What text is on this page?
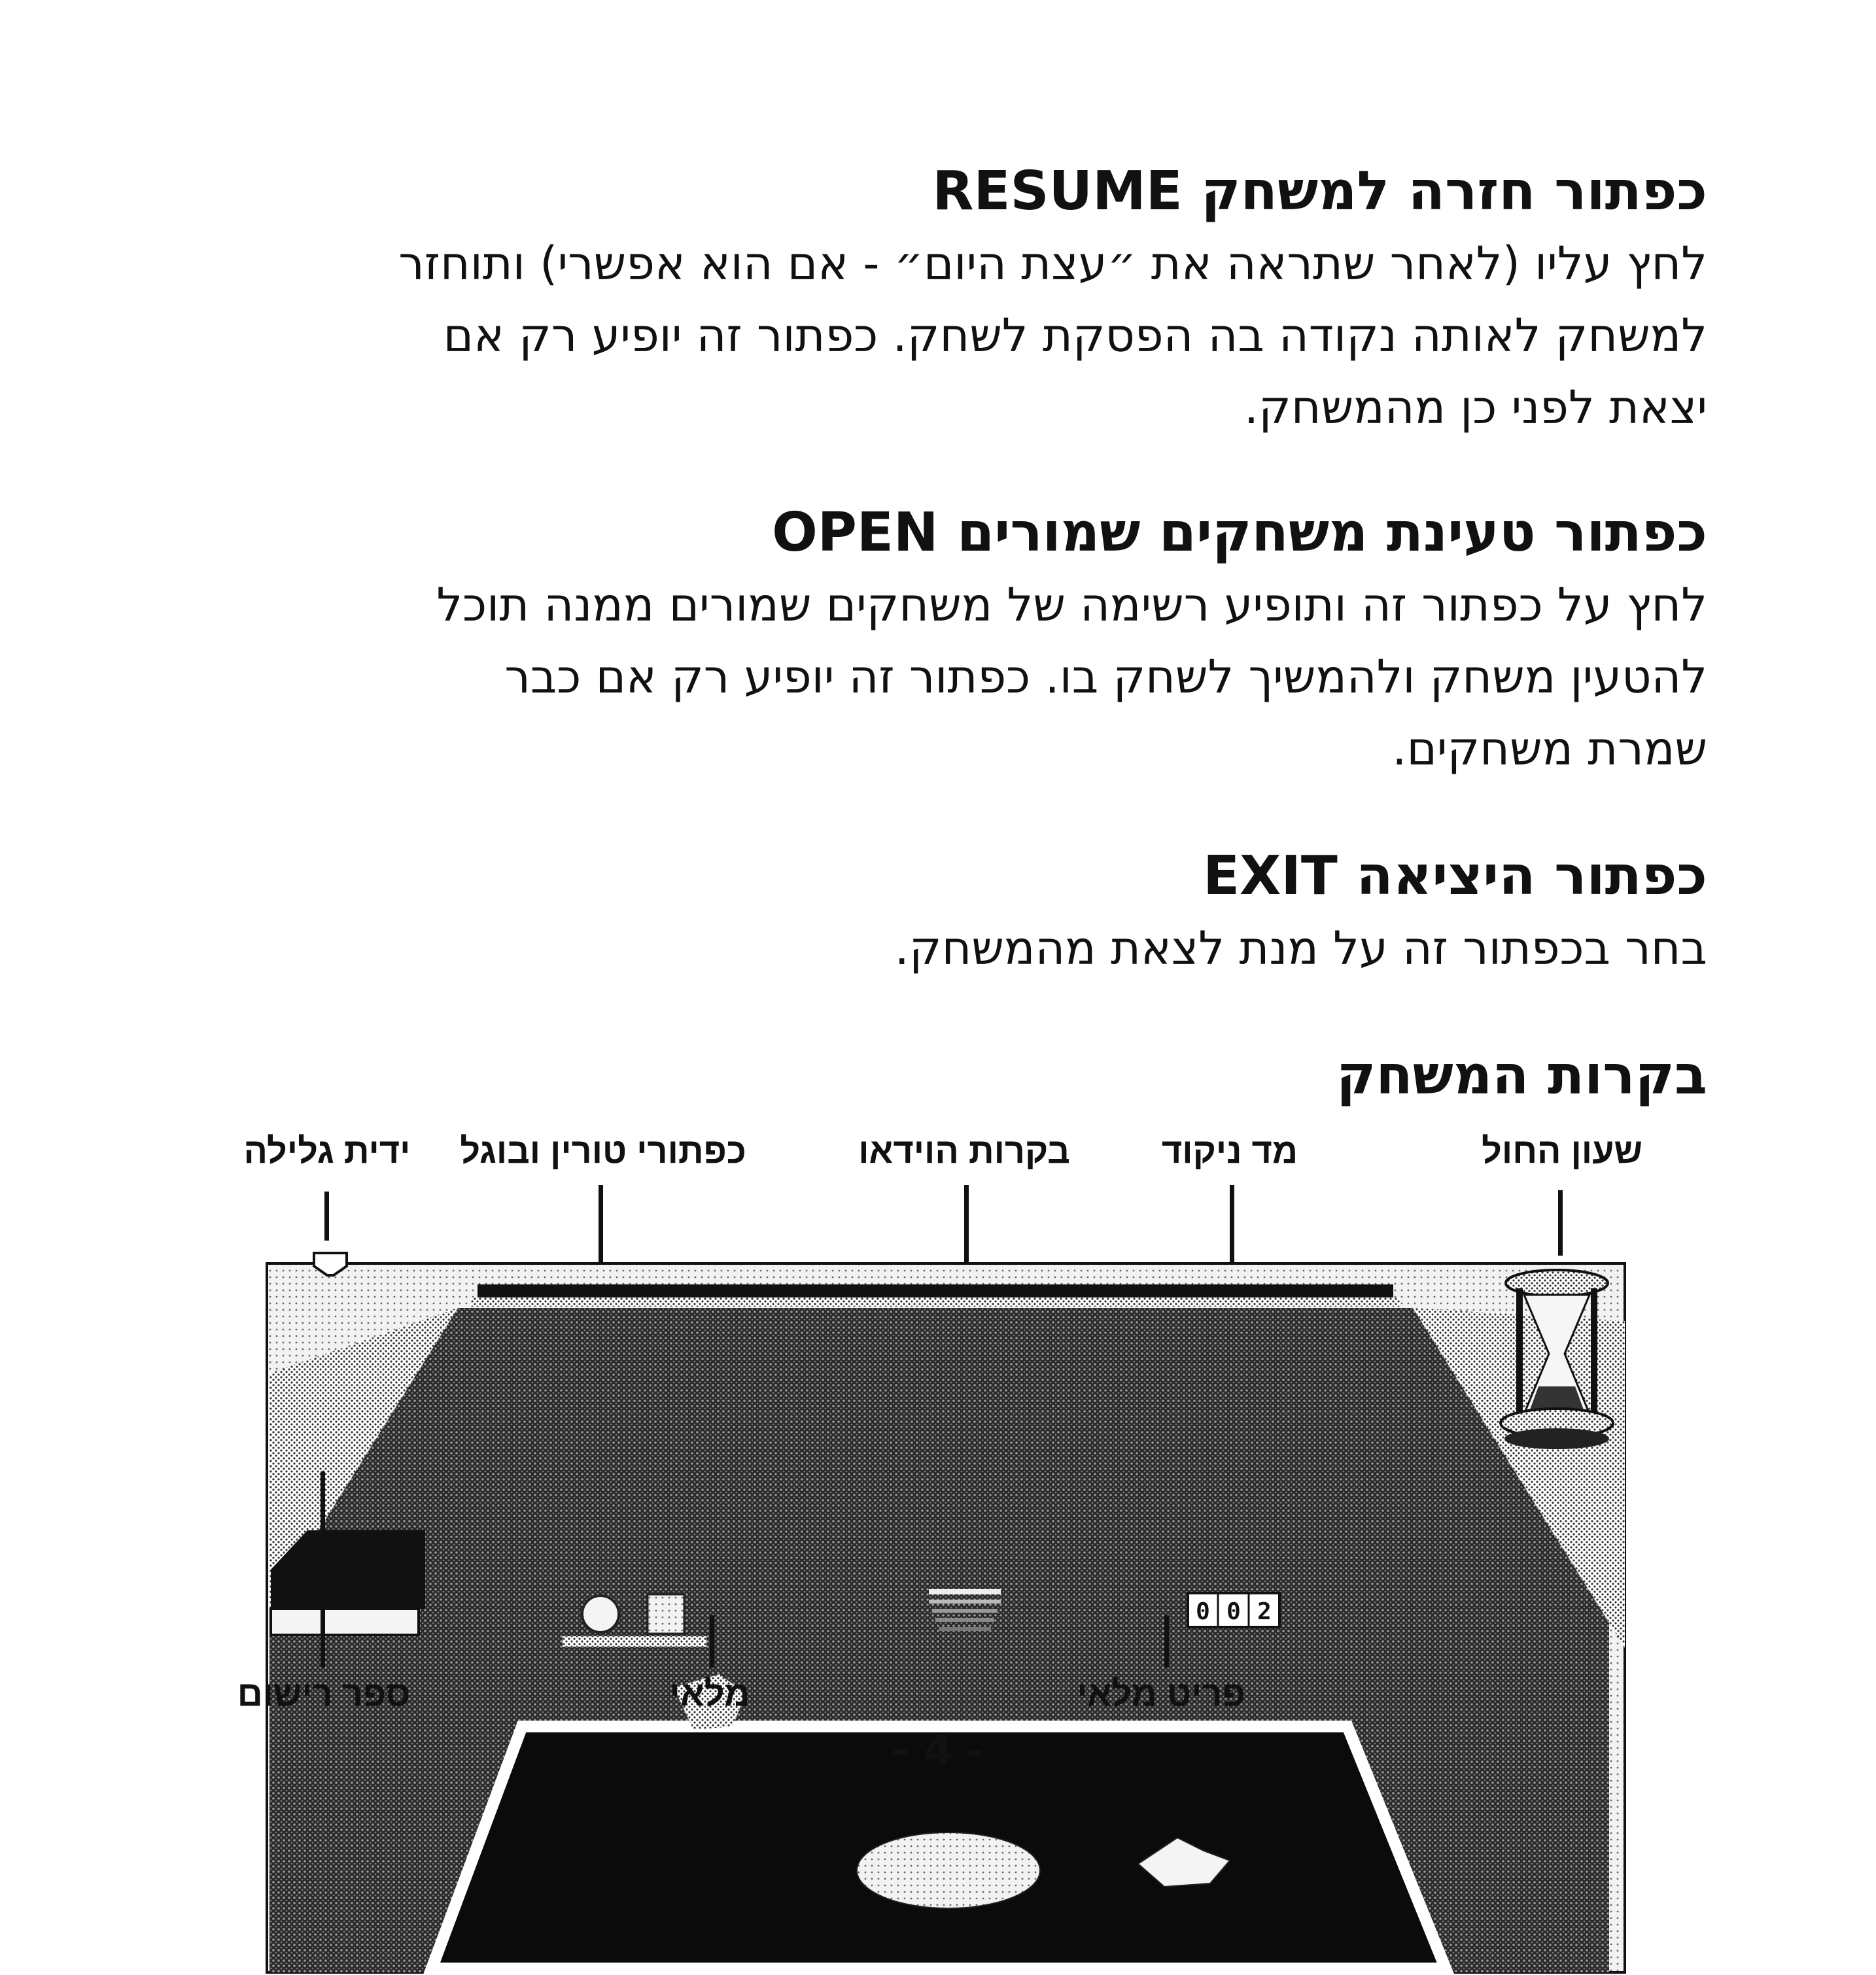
כפתור חזרה למשחק RESUME

לחץ עליו (לאחר שתראה את ״עצת היום״ - אם הוא אפשרי) ותוחזר

למשחק לאותה נקודה בה הפסקת לשחק. כפתור זה יופיע רק אם

יצאת לפני כן מהמשחק.

כפתור טעינת משחקים שמורים OPEN

לחץ על כפתור זה ותופיע רשימה של משחקים שמורים ממנה תוכל

להטעין משחק ולהמשיך לשחק בו. כפתור זה יופיע רק אם כבר

שמרת משחקים.

כפתור היציאה EXIT

בחר בכפתור זה על מנת לצאת מהמשחק.

בקרות המשחק

ידית גלילה כפתורי טורין ובוגל	בקרות הוידאו	מד ניקוד	שעון החול
0 0 2
ספר רישום	מלאי	פריט מלאי
- 4 -
